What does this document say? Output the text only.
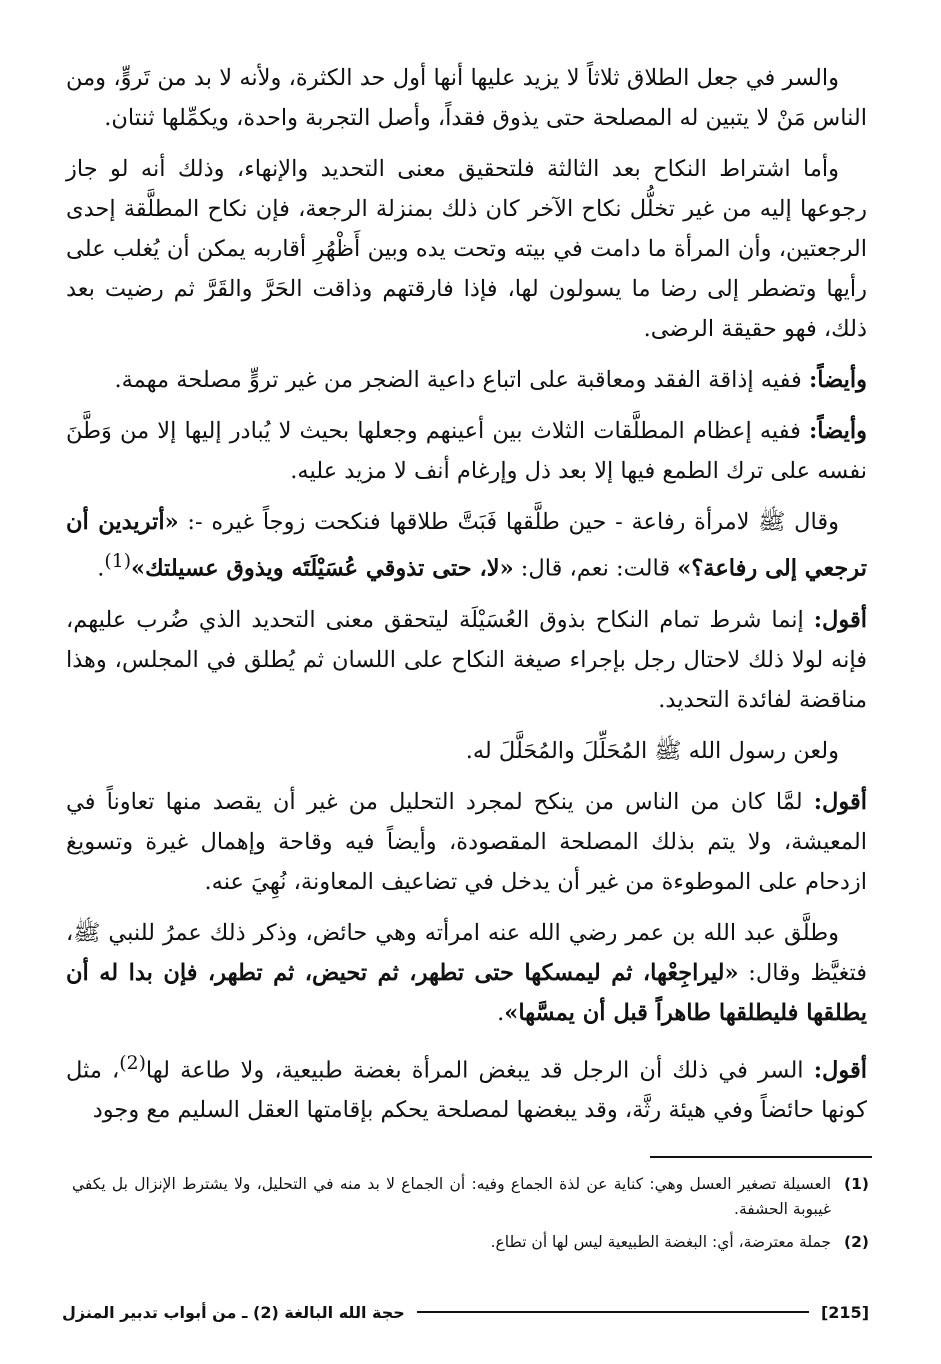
والسر في جعل الطلاق ثلاثاً لا يزيد عليها أنها أول حد الكثرة، ولأنه لا بد من تَروٍّ، ومن الناس مَنْ لا يتبين له المصلحة حتى يذوق فقداً، وأصل التجربة واحدة، ويكمِّلها ثنتان.

وأما اشتراط النكاح بعد الثالثة فلتحقيق معنى التحديد والإنهاء، وذلك أنه لو جاز رجوعها إليه من غير تخلُّل نكاح الآخر كان ذلك بمنزلة الرجعة، فإن نكاح المطلَّقة إحدى الرجعتين، وأن المرأة ما دامت في بيته وتحت يده وبين أَظْهُرِ أقاربه يمكن أن يُغلب على رأيها وتضطر إلى رضا ما يسولون لها، فإذا فارقتهم وذاقت الحَرَّ والقَرَّ ثم رضيت بعد ذلك، فهو حقيقة الرضى.

وأيضاً: ففيه إذاقة الفقد ومعاقبة على اتباع داعية الضجر من غير تروٍّ مصلحة مهمة.

وأيضاً: ففيه إعظام المطلَّقات الثلاث بين أعينهم وجعلها بحيث لا يُبادر إليها إلا من وَطَّنَ نفسه على ترك الطمع فيها إلا بعد ذل وإرغام أنف لا مزيد عليه.

وقال ﷺ لامرأة رفاعة - حين طلَّقها فَبَتَّ طلاقها فنكحت زوجاً غيره -: «أتريدين أن ترجعي إلى رفاعة؟» قالت: نعم، قال: «لا، حتى تذوقي عُسَيْلَتَه ويذوق عسيلتك»$^{(1)}$.

أقول: إنما شرط تمام النكاح بذوق العُسَيْلَة ليتحقق معنى التحديد الذي ضُرب عليهم، فإنه لولا ذلك لاحتال رجل بإجراء صيغة النكاح على اللسان ثم يُطلق في المجلس، وهذا مناقضة لفائدة التحديد.

ولعن رسول الله ﷺ المُحَلِّلَ والمُحَلَّلَ له.

أقول: لمَّا كان من الناس من ينكح لمجرد التحليل من غير أن يقصد منها تعاوناً في المعيشة، ولا يتم بذلك المصلحة المقصودة، وأيضاً فيه وقاحة وإهمال غيرة وتسويغ ازدحام على الموطوءة من غير أن يدخل في تضاعيف المعاونة، نُهِيَ عنه.

وطلَّق عبد الله بن عمر رضي الله عنه امرأته وهي حائض، وذكر ذلك عمرُ للنبي ﷺ، فتغيَّظ وقال: «ليراجِعْها، ثم ليمسكها حتى تطهر، ثم تحيض، ثم تطهر، فإن بدا له أن يطلقها فليطلقها طاهراً قبل أن يمسَّها».

أقول: السر في ذلك أن الرجل قد يبغض المرأة بغضة طبيعية، ولا طاعة لها$^{(2)}$، مثل كونها حائضاً وفي هيئة رثَّة، وقد يبغضها لمصلحة يحكم بإقامتها العقل السليم مع وجود

(1)
العسيلة تصغير العسل وهي: كناية عن لذة الجماع وفيه: أن الجماع لا بد منه في التحليل، ولا يشترط الإنزال بل يكفي غيبوبة الحشفة.
(2)
جملة معترضة، أي: البغضة الطبيعية ليس لها أن تطاع.
[215]
حجة الله البالغة (2) ـ من أبواب تدبير المنزل
